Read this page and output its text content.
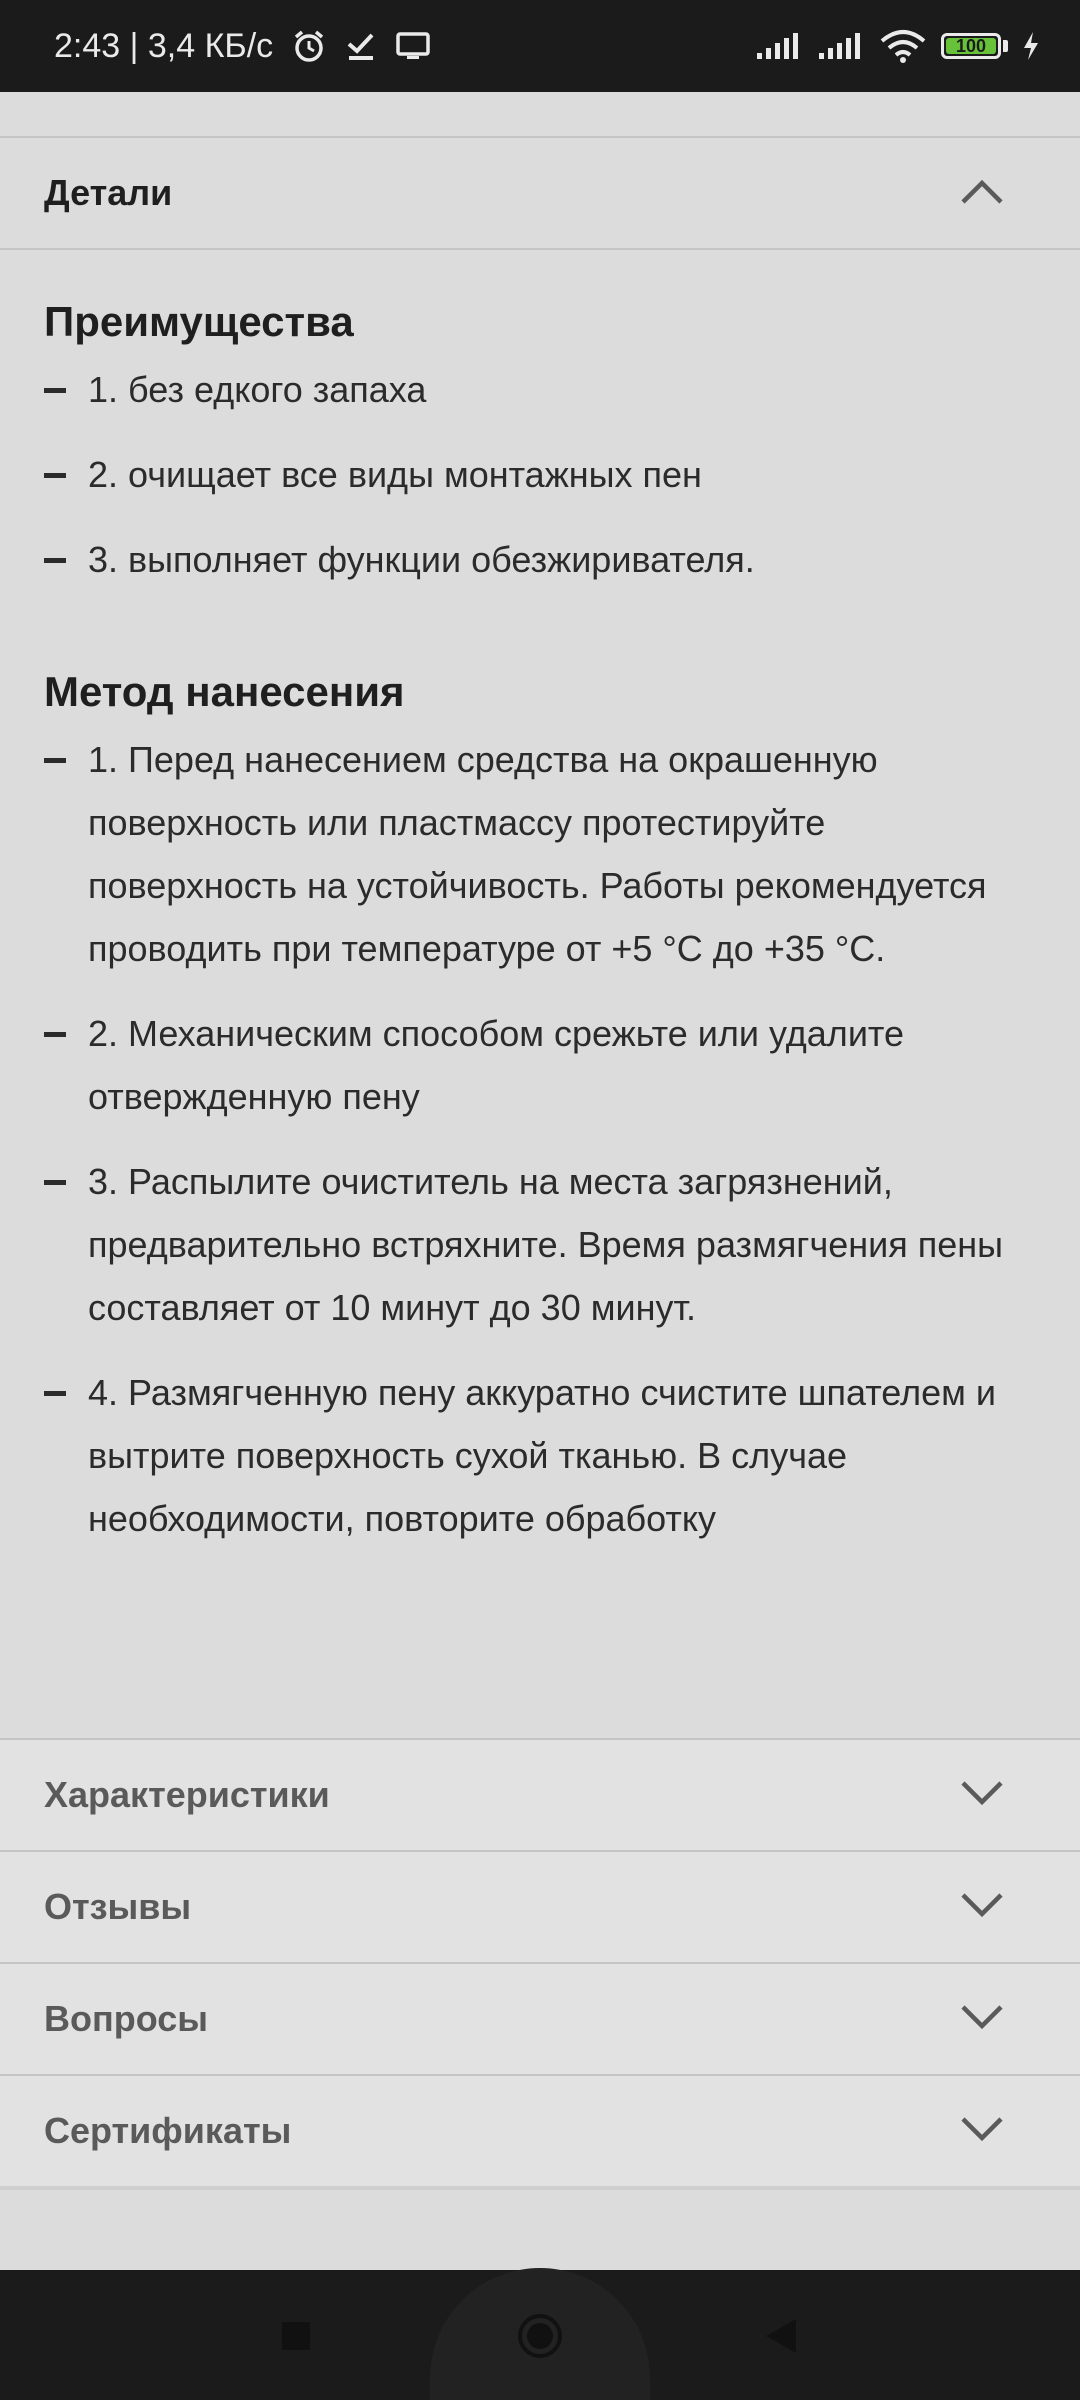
2:43 | 3,4 КБ/с	100
Детали
Преимущества
1. без едкого запаха
2. очищает все виды монтажных пен
3. выполняет функции обезжиривателя.
Метод нанесения
1. Перед нанесением средства на окрашенную поверхность или пластмассу протестируйте поверхность на устойчивость. Работы рекомендуется проводить при температуре от +5 °С до +35 °С.
2. Механическим способом срежьте или удалите отвержденную пену
3. Распылите очиститель на места загрязнений, предварительно встряхните. Время размягчения пены составляет от 10 минут до 30 минут.
4. Размягченную пену аккуратно счистите шпателем и вытрите поверхность сухой тканью. В случае необходимости, повторите обработку
Характеристики
Отзывы
Вопросы
Сертификаты
